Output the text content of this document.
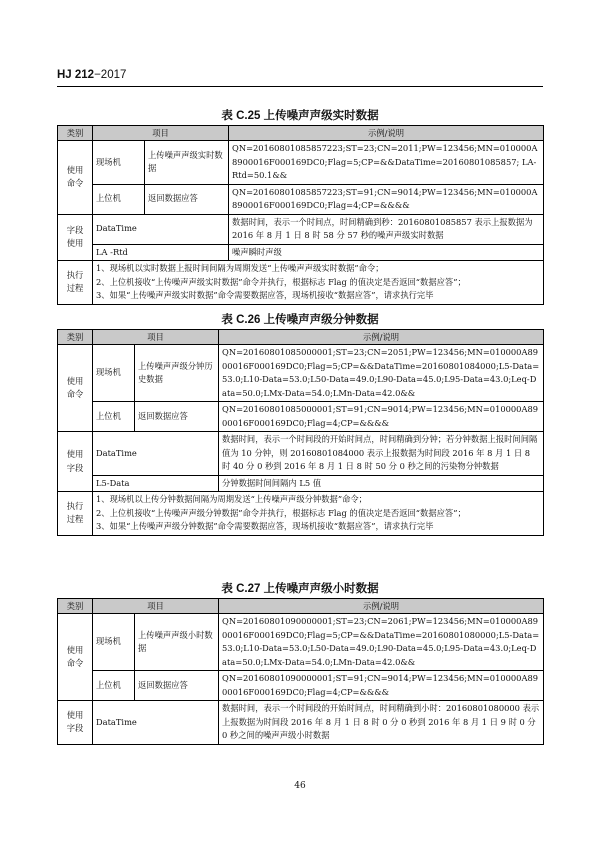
HJ 212−2017
表 C.25 上传噪声声级实时数据
类别	项目		示例/说明
使用
命令	现场机	上传噪声声级实时数据	QN=20160801085857223;ST=23;CN=2011;PW=123456;MN=010000A8900016F000169DC0;Flag=5;CP=&&DataTime=20160801085857; LA-Rtd=50.1&&
	上位机	返回数据应答	QN=20160801085857223;ST=91;CN=9014;PW=123456;MN=010000A8900016F000169DC0;Flag=4;CP=&&&&
字段
使用	DataTime		数据时间，表示一个时间点，时间精确到秒：20160801085857 表示上报数据为 2016 年 8 月 1 日 8 时 58 分 57 秒的噪声声级实时数据
	LA -Rtd		噪声瞬时声级
执行
过程	1、现场机以实时数据上报时间间隔为周期发送“上传噪声声级实时数据”命令；
2、上位机接收“上传噪声声级实时数据”命令并执行，根据标志 Flag 的值决定是否返回“数据应答”；
3、如果“上传噪声声级实时数据”命令需要数据应答，现场机接收“数据应答”，请求执行完毕		
表 C.26 上传噪声声级分钟数据
类别	项目		示例/说明
使用
命令	现场机	上传噪声声级分钟历史数据	QN=20160801085000001;ST=23;CN=2051;PW=123456;MN=010000A8900016F000169DC0;Flag=5;CP=&&DataTime=20160801084000;L5-Data=53.0;L10-Data=53.0;L50-Data=49.0;L90-Data=45.0;L95-Data=43.0;Leq-Data=50.0;LMx-Data=54.0;LMn-Data=42.0&&
	上位机	返回数据应答	QN=20160801085000001;ST=91;CN=9014;PW=123456;MN=010000A8900016F000169DC0;Flag=4;CP=&&&&
使用
字段	DataTime		数据时间，表示一个时间段的开始时间点，时间精确到分钟；若分钟数据上报时间间隔值为 10 分钟，则 20160801084000 表示上报数据为时间段 2016 年 8 月 1 日 8 时 40 分 0 秒到 2016 年 8 月 1 日 8 时 50 分 0 秒之间的污染物分钟数据
	L5-Data		分钟数据时间间隔内 L5 值
执行
过程	1、现场机以上传分钟数据间隔为周期发送“上传噪声声级分钟数据”命令；
2、上位机接收“上传噪声声级分钟数据”命令并执行，根据标志 Flag 的值决定是否返回“数据应答”；
3、如果“上传噪声声级分钟数据”命令需要数据应答，现场机接收“数据应答”，请求执行完毕		
表 C.27 上传噪声声级小时数据
类别	项目		示例/说明
使用
命令	现场机	上传噪声声级小时数据	QN=20160801090000001;ST=23;CN=2061;PW=123456;MN=010000A8900016F000169DC0;Flag=5;CP=&&DataTime=20160801080000;L5-Data=53.0;L10-Data=53.0;L50-Data=49.0;L90-Data=45.0;L95-Data=43.0;Leq-Data=50.0;LMx-Data=54.0;LMn-Data=42.0&&
	上位机	返回数据应答	QN=20160801090000001;ST=91;CN=9014;PW=123456;MN=010000A8900016F000169DC0;Flag=4;CP=&&&&
使用
字段	DataTime		数据时间，表示一个时间段的开始时间点，时间精确到小时：20160801080000 表示上报数据为时间段 2016 年 8 月 1 日 8 时 0 分 0 秒到 2016 年 8 月 1 日 9 时 0 分 0 秒之间的噪声声级小时数据
46
